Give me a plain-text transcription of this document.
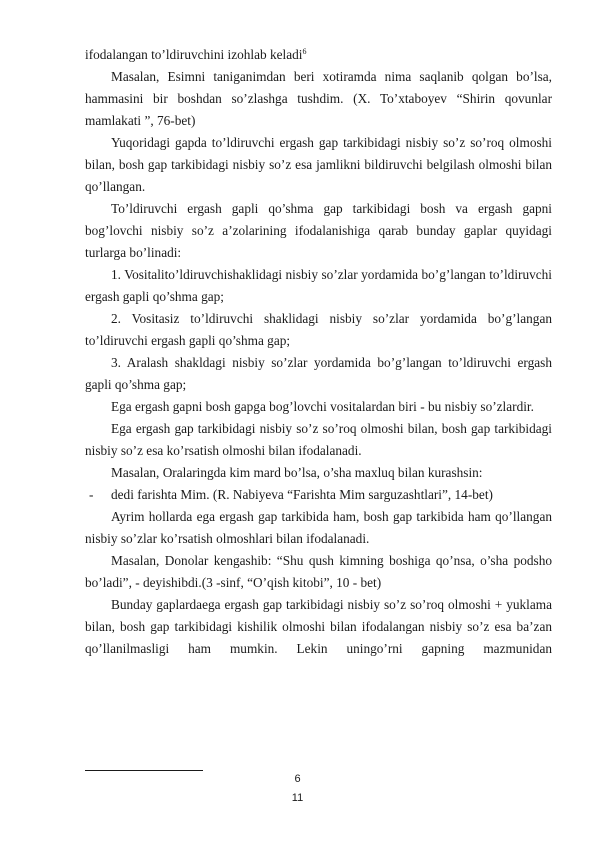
ifodalangan to’ldiruvchini izohlab keladi$^6$

Masalan, Esimni taniganimdan beri xotiramda nima saqlanib qolgan bo’lsa, hammasini bir boshdan so’zlashga tushdim. (X. To’xtaboyev “Shirin qovunlar mamlakati ”, 76-bet)

Yuqoridagi gapda to’ldiruvchi ergash gap tarkibidagi nisbiy so’z so’roq olmoshi bilan, bosh gap tarkibidagi nisbiy so’z esa jamlikni bildiruvchi belgilash olmoshi bilan qo’llangan.

To’ldiruvchi ergash gapli qo’shma gap tarkibidagi bosh va ergash gapni bog’lovchi nisbiy so’z a’zolarining ifodalanishiga qarab bunday gaplar quyidagi turlarga bo’linadi:

1. Vositalito’ldiruvchishaklidagi nisbiy so’zlar yordamida bo’g’langan to’ldiruvchi ergash gapli qo’shma gap;

2. Vositasiz to’ldiruvchi shaklidagi nisbiy so’zlar yordamida bo’g’langan to’ldiruvchi ergash gapli qo’shma gap;

3. Aralash shakldagi nisbiy so’zlar yordamida bo’g’langan to’ldiruvchi ergash gapli qo’shma gap;

Ega ergash gapni bosh gapga bog’lovchi vositalardan biri - bu nisbiy so’zlardir.

Ega ergash gap tarkibidagi nisbiy so’z so’roq olmoshi bilan, bosh gap tarkibidagi nisbiy so’z esa ko’rsatish olmoshi bilan ifodalanadi.

Masalan, Oralaringda kim mard bo’lsa, o’sha maxluq bilan kurashsin:

-	dedi farishta Mim. (R. Nabiyeva “Farishta Mim sarguzashtlari”, 14-bet)

Ayrim hollarda ega ergash gap tarkibida ham, bosh gap tarkibida ham qo’llangan nisbiy so’zlar ko’rsatish olmoshlari bilan ifodalanadi.

Masalan, Donolar kengashib: “Shu qush kimning boshiga qo’nsa, o’sha podsho bo’ladi”, - deyishibdi.(3 -sinf, “O’qish kitobi”, 10 - bet)

Bunday gaplardaega ergash gap tarkibidagi nisbiy so’z so’roq olmoshi + yuklama bilan, bosh gap tarkibidagi kishilik olmoshi bilan ifodalangan nisbiy so’z esa ba’zan qo’llanilmasligi ham mumkin. Lekin uningo’rni gapning mazmunidan

6
11
